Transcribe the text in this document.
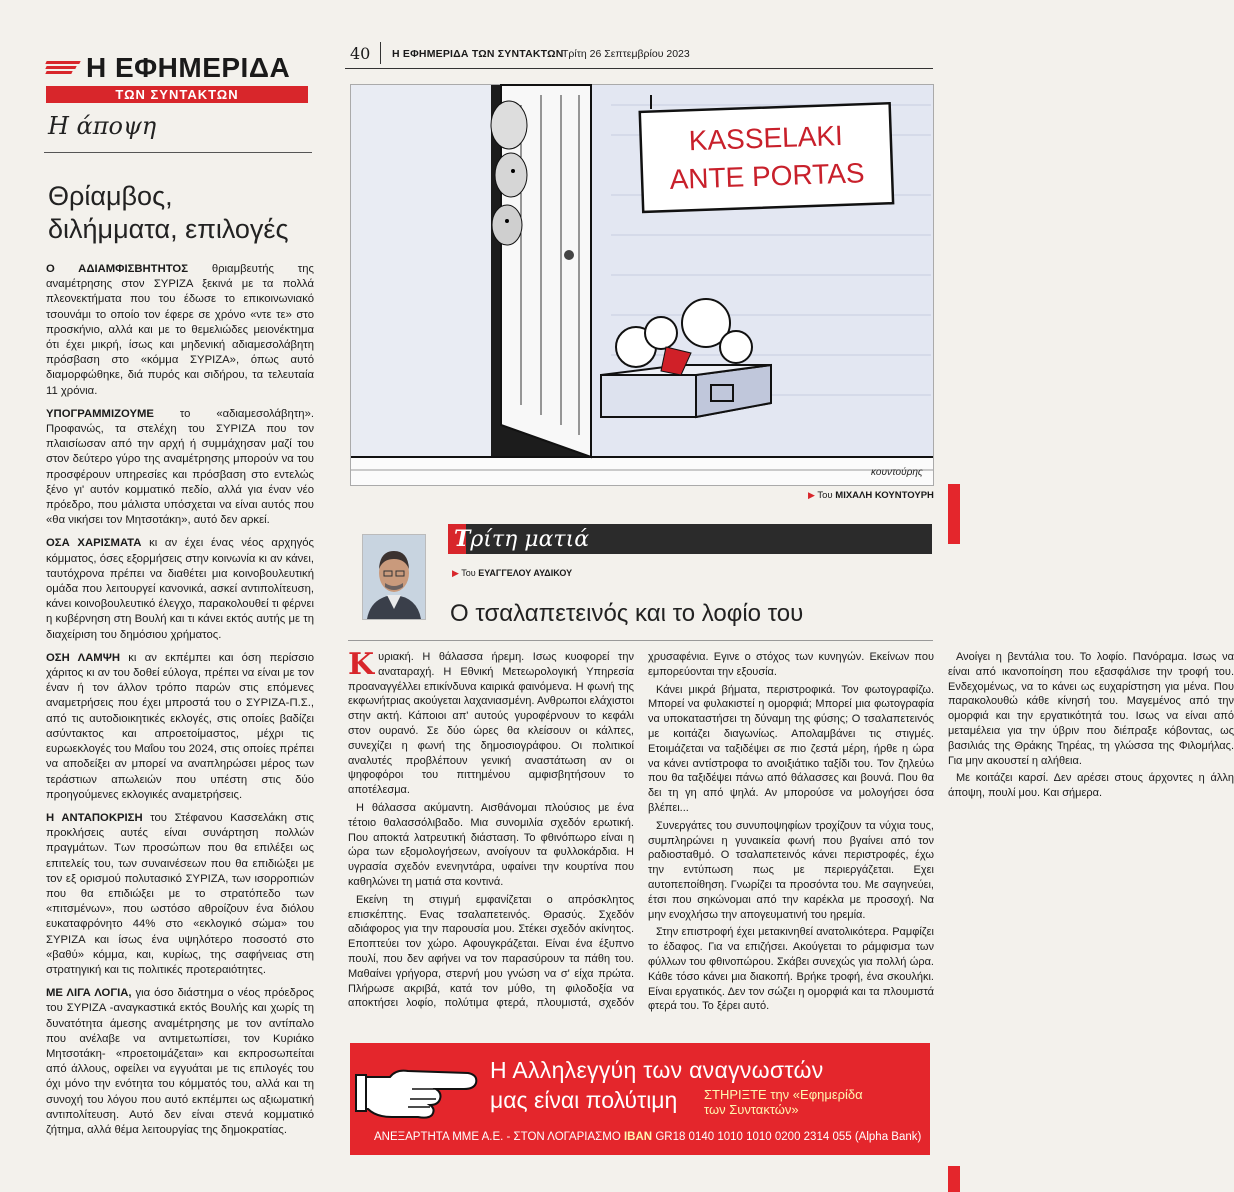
Η ΕΦΗΜΕΡΙΔΑ
ΤΩΝ ΣΥΝΤΑΚΤΩΝ
Η άποψη
Θρίαμβος,
διλήμματα, επιλογές

Ο ΑΔΙΑΜΦΙΣΒΗΤΗΤΟΣ θριαμβευτής της αναμέτρησης στον ΣΥΡΙΖΑ ξεκινά με τα πολλά πλεονεκτήματα που του έδωσε το επικοινωνιακό τσουνάμι το οποίο τον έφερε σε χρόνο «ντε τε» στο προσκήνιο, αλλά και με το θεμελιώδες μειονέκτημα ότι έχει μικρή, ίσως και μηδενική αδιαμεσολάβητη πρόσβαση στο «κόμμα ΣΥΡΙΖΑ», όπως αυτό διαμορφώθηκε, διά πυρός και σιδήρου, τα τελευταία 11 χρόνια.

ΥΠΟΓΡΑΜΜΙΖΟΥΜΕ το «αδιαμεσολάβητη». Προφανώς, τα στελέχη του ΣΥΡΙΖΑ που τον πλαισίωσαν από την αρχή ή συμμάχησαν μαζί του στον δεύτερο γύρο της αναμέτρησης μπορούν να του προσφέρουν υπηρεσίες και πρόσβαση στο εντελώς ξένο γι' αυτόν κομματικό πεδίο, αλλά για έναν νέο πρόεδρο, που μάλιστα υπόσχεται να είναι αυτός που «θα νικήσει τον Μητσοτάκη», αυτό δεν αρκεί.

ΟΣΑ ΧΑΡΙΣΜΑΤΑ κι αν έχει ένας νέος αρχηγός κόμματος, όσες εξορμήσεις στην κοινωνία κι αν κάνει, ταυτόχρονα πρέπει να διαθέτει μια κοινοβουλευτική ομάδα που λειτουργεί κανονικά, ασκεί αντιπολίτευση, κάνει κοινοβουλευτικό έλεγχο, παρακολουθεί τι φέρνει η κυβέρνηση στη Βουλή και τι κάνει εκτός αυτής με τη διαχείριση του δημόσιου χρήματος.

ΟΣΗ ΛΑΜΨΗ κι αν εκπέμπει και όση περίσσιο χάριτος κι αν του δοθεί εύλογα, πρέπει να είναι με τον έναν ή τον άλλον τρόπο παρών στις επόμενες αναμετρήσεις που έχει μπροστά του ο ΣΥΡΙΖΑ-Π.Σ., από τις αυτοδιοικητικές εκλογές, στις οποίες βαδίζει ασύντακτος και απροετοίμαστος, μέχρι τις ευρωεκλογές του Μαΐου του 2024, στις οποίες πρέπει να αποδείξει αν μπορεί να αναπληρώσει μέρος των τεράστιων απωλειών που υπέστη στις δύο προηγούμενες εκλογικές αναμετρήσεις.

Η ΑΝΤΑΠΟΚΡΙΣΗ του Στέφανου Κασσελάκη στις προκλήσεις αυτές είναι συνάρτηση πολλών πραγμάτων. Των προσώπων που θα επιλέξει ως επιτελείς του, των συναινέσεων που θα επιδιώξει με τον εξ ορισμού πολυτασικό ΣΥΡΙΖΑ, των ισορροπιών που θα επιδιώξει με το στρατόπεδο των «πιτσμένων», που ωστόσο αθροίζουν ένα διόλου ευκαταφρόνητο 44% στο «εκλογικό σώμα» του ΣΥΡΙΖΑ και ίσως ένα υψηλότερο ποσοστό στο «βαθύ» κόμμα, και, κυρίως, της σαφήνειας στη στρατηγική και τις πολιτικές προτεραιότητες.

ΜΕ ΛΙΓΑ ΛΟΓΙΑ, για όσο διάστημα ο νέος πρόεδρος του ΣΥΡΙΖΑ -αναγκαστικά εκτός Βουλής και χωρίς τη δυνατότητα άμεσης αναμέτρησης με τον αντίπαλο που ανέλαβε να αντιμετωπίσει, τον Κυριάκο Μητσοτάκη- «προετοιμάζεται» και εκπροσωπείται από άλλους, οφείλει να εγγυάται με τις επιλογές του όχι μόνο την ενότητα του κόμματός του, αλλά και τη συνοχή του λόγου που αυτό εκπέμπει ως αξιωματική αντιπολίτευση. Αυτό δεν είναι στενά κομματικό ζήτημα, αλλά θέμα λειτουργίας της δημοκρατίας.

40 Η ΕΦΗΜΕΡΙΔΑ ΤΩΝ ΣΥΝΤΑΚΤΩΝ
Τρίτη 26 Σεπτεμβρίου 2023
KASSELAKI
ANTE PORTAS
κουντούρης
▶ Του ΜΙΧΑΛΗ ΚΟΥΝΤΟΥΡΗ
Τρίτη ματιά
▶ Του ΕΥΑΓΓΕΛΟΥ ΑΥΔΙΚΟΥ
Ο τσαλαπετεινός και το λοφίο του

Κυριακή. Η θάλασσα ήρεμη. Ισως κυοφορεί την αναταραχή. Η Εθνική Μετεωρολογική Υπηρεσία προαναγγέλλει επικίνδυνα καιρικά φαινόμενα. Η φωνή της εκφωνήτριας ακούγεται λαχανιασμένη. Ανθρωποι ελάχιστοι στην ακτή. Κάποιοι απ' αυτούς γυροφέρνουν το κεφάλι στον ουρανό. Σε δύο ώρες θα κλείσουν οι κάλπες, συνεχίζει η φωνή της δημοσιογράφου. Οι πολιτικοί αναλυτές προβλέπουν γενική αναστάτωση αν οι ψηφοφόροι του πιττημένου αμφισβητήσουν το αποτέλεσμα.

Η θάλασσα ακύμαντη. Αισθάνομαι πλούσιος με ένα τέτοιο θαλασσόλιβαδο. Μια συνομιλία σχεδόν ερωτική. Που αποκτά λατρευτική διάσταση. Το φθινόπωρο είναι η ώρα των εξομολογήσεων, ανοίγουν τα φυλλοκάρδια. Η υγρασία σχεδόν ενενηντάρα, υφαίνει την κουρτίνα που καθηλώνει τη ματιά στα κοντινά.

Εκείνη τη στιγμή εμφανίζεται ο απρόσκλητος επισκέπτης. Ενας τσαλαπετεινός. Θρασύς. Σχεδόν αδιάφορος για την παρουσία μου. Στέκει σχεδόν ακίνητος. Εποπτεύει τον χώρο. Αφουγκράζεται. Είναι ένα έξυπνο πουλί, που δεν αφήνει να τον παρασύρουν τα πάθη του. Μαθαίνει γρήγορα, στερνή μου γνώση να σ' είχα πρώτα. Πλήρωσε ακριβά, κατά τον μύθο, τη φιλοδοξία να αποκτήσει λοφίο, πολύτιμα φτερά, πλουμιστά, σχεδόν χρυσαφένια. Εγινε ο στόχος των κυνηγών. Εκείνων που εμπορεύονται την εξουσία.

Κάνει μικρά βήματα, περιστροφικά. Τον φωτογραφίζω. Μπορεί να φυλακιστεί η ομορφιά; Μπορεί μια φωτογραφία να υποκαταστήσει τη δύναμη της φύσης; Ο τσαλαπετεινός με κοιτάζει διαγωνίως. Απολαμβάνει τις στιγμές. Ετοιμάζεται να ταξιδέψει σε πιο ζεστά μέρη, ήρθε η ώρα να κάνει αντίστροφα το ανοιξιάτικο ταξίδι του. Τον ζηλεύω που θα ταξιδέψει πάνω από θάλασσες και βουνά. Που θα δει τη γη από ψηλά. Αν μπορούσε να μολογήσει όσα βλέπει...

Συνεργάτες του συνυποψηφίων τροχίζουν τα νύχια τους, συμπληρώνει η γυναικεία φωνή που βγαίνει από τον ραδιοσταθμό. Ο τσαλαπετεινός κάνει περιστροφές, έχω την εντύπωση πως με περιεργάζεται. Εχει αυτοπεποίθηση. Γνωρίζει τα προσόντα του. Με σαγηνεύει, έτσι που σηκώνομαι από την καρέκλα με προσοχή. Να μην ενοχλήσω την απογευματινή του ηρεμία.

Στην επιστροφή έχει μετακινηθεί ανατολικότερα. Ραμφίζει το έδαφος. Για να επιζήσει. Ακούγεται το ράμφισμα των φύλλων του φθινοπώρου. Σκάβει συνεχώς για πολλή ώρα. Κάθε τόσο κάνει μια διακοπή. Βρήκε τροφή, ένα σκουλήκι. Είναι εργατικός. Δεν τον σώζει η ομορφιά και τα πλουμιστά φτερά του. Το ξέρει αυτό.

Ανοίγει η βεντάλια του. Το λοφίο. Πανόραμα. Ισως να είναι από ικανοποίηση που εξασφάλισε την τροφή του. Ενδεχομένως, να το κάνει ως ευχαρίστηση για μένα. Που παρακολουθώ κάθε κίνησή του. Μαγεμένος από την ομορφιά και την εργατικότητά του. Ισως να είναι από μεταμέλεια για την ύβριν που διέπραξε κόβοντας, ως βασιλιάς της Θράκης Τηρέας, τη γλώσσα της Φιλομήλας. Για μην ακουστεί η αλήθεια.

Με κοιτάζει καρσί. Δεν αρέσει στους άρχοντες η άλλη άποψη, πουλί μου. Και σήμερα.

Η Αλληλεγγύη των αναγνωστών
μας είναι πολύτιμη ΣΤΗΡΙΞΤΕ την «Εφημερίδα
των Συντακτών»
ΑΝΕΞΑΡΤΗΤΑ ΜΜΕ Α.Ε. - ΣΤΟΝ ΛΟΓΑΡΙΑΣΜΟ IBAN GR18 0140 1010 1010 0200 2314 055 (Alpha Bank)
